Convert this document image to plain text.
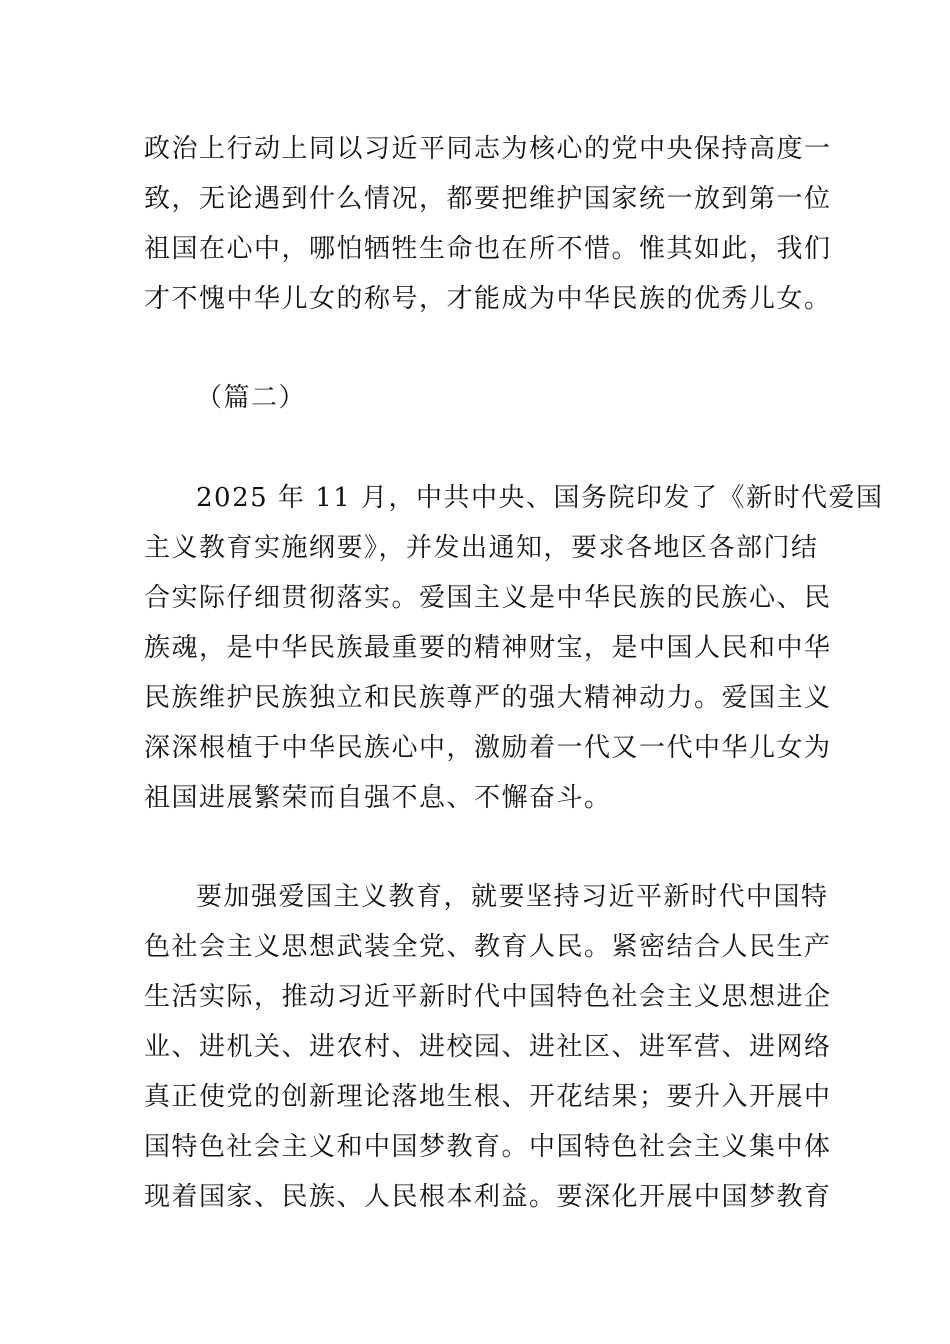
政治上行动上同以习近平同志为核心的党中央保持高度一
致，无论遇到什么情况，都要把维护国家统一放到第一位
祖国在心中，哪怕牺牲生命也在所不惜。惟其如此，我们
才不愧中华儿女的称号，才能成为中华民族的优秀儿女。
（篇二）
2025 年 11 月，中共中央、国务院印发了《新时代爱国
主义教育实施纲要》，并发出通知，要求各地区各部门结
合实际仔细贯彻落实。爱国主义是中华民族的民族心、民
族魂，是中华民族最重要的精神财宝，是中国人民和中华
民族维护民族独立和民族尊严的强大精神动力。爱国主义
深深根植于中华民族心中，激励着一代又一代中华儿女为
祖国进展繁荣而自强不息、不懈奋斗。
要加强爱国主义教育，就要坚持习近平新时代中国特
色社会主义思想武装全党、教育人民。紧密结合人民生产
生活实际，推动习近平新时代中国特色社会主义思想进企
业、进机关、进农村、进校园、进社区、进军营、进网络
真正使党的创新理论落地生根、开花结果；要升入开展中
国特色社会主义和中国梦教育。中国特色社会主义集中体
现着国家、民族、人民根本利益。要深化开展中国梦教育
